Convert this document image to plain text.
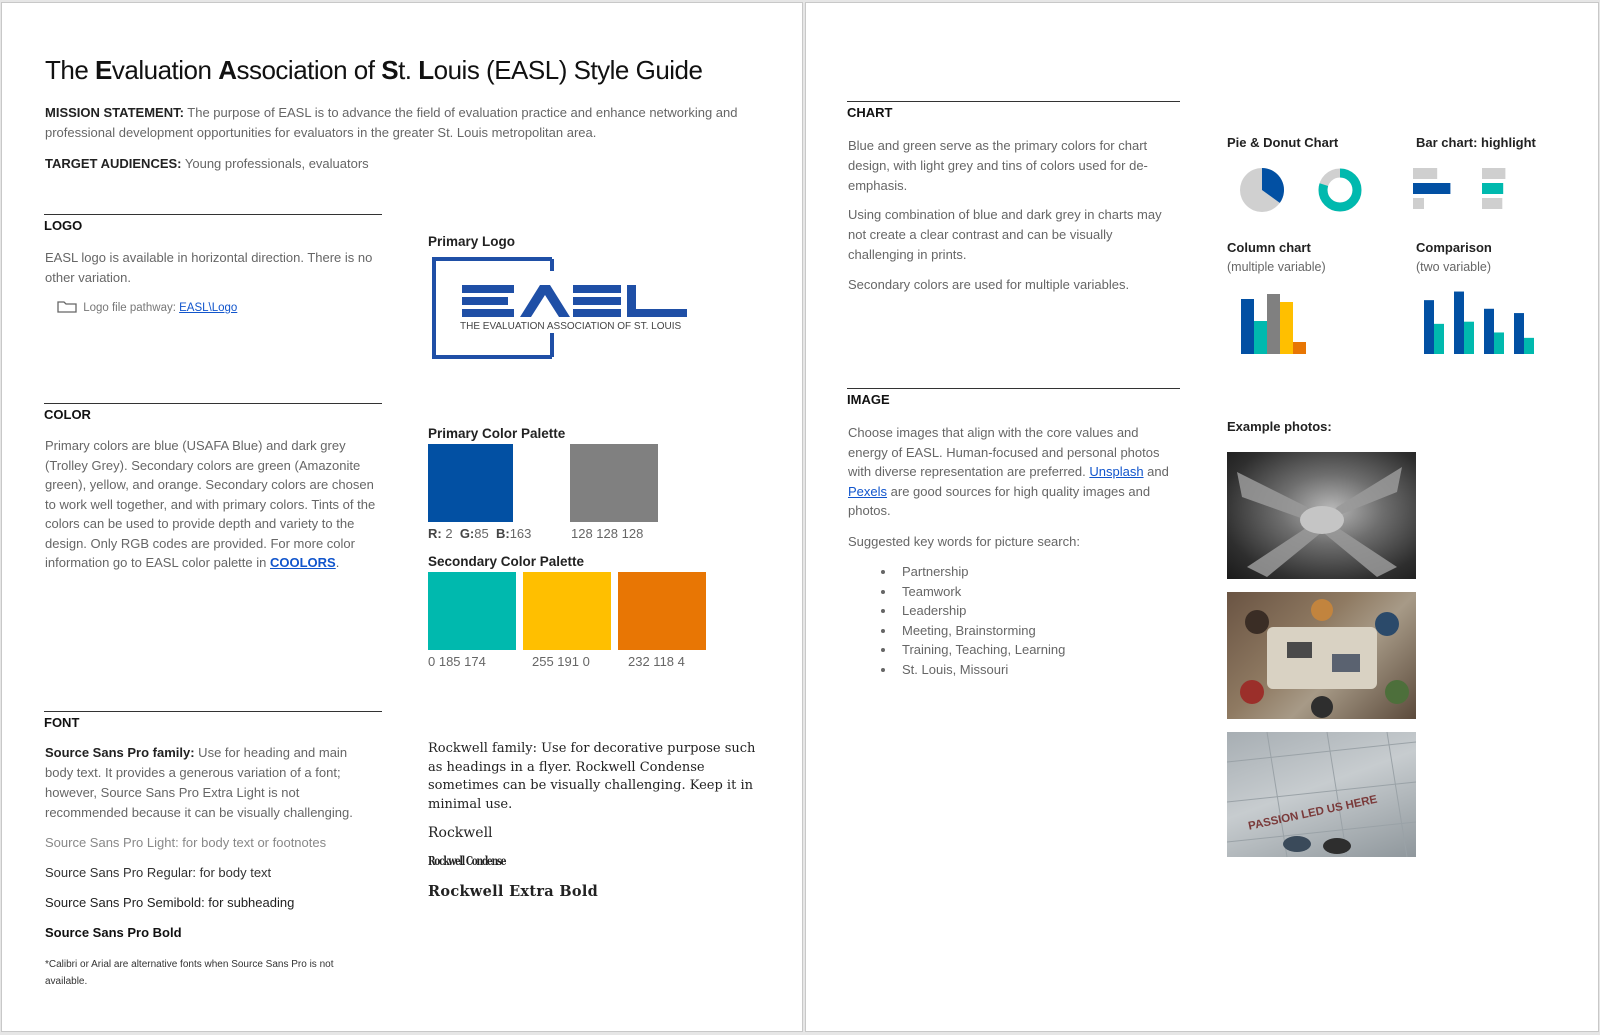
The Evaluation Association of St. Louis (EASL) Style Guide
MISSION STATEMENT: The purpose of EASL is to advance the field of evaluation practice and enhance networking and professional development opportunities for evaluators in the greater St. Louis metropolitan area.
TARGET AUDIENCES: Young professionals, evaluators
LOGO
EASL logo is available in horizontal direction. There is no other variation.
Logo file pathway: EASL\Logo
Primary Logo
THE EVALUATION ASSOCIATION OF ST. LOUIS
COLOR
Primary colors are blue (USAFA Blue) and dark grey (Trolley Grey). Secondary colors are green (Amazonite green), yellow, and orange. Secondary colors are chosen to work well together, and with primary colors. Tints of the colors can be used to provide depth and variety to the design. Only RGB codes are provided. For more color information go to EASL color palette in COOLORS.
Primary Color Palette
R: 2 G:85 B:163	128 128 128
Secondary Color Palette
0 185 174	255 191 0	232 118 4
FONT
Source Sans Pro family: Use for heading and main body text. It provides a generous variation of a font; however, Source Sans Pro Extra Light is not recommended because it can be visually challenging.
Source Sans Pro Light: for body text or footnotes
Source Sans Pro Regular: for body text
Source Sans Pro Semibold: for subheading
Source Sans Pro Bold
*Calibri or Arial are alternative fonts when Source Sans Pro is not available.
Rockwell family: Use for decorative purpose such as headings in a flyer. Rockwell Condense sometimes can be visually challenging. Keep it in minimal use.
Rockwell
Rockwell Condense
Rockwell Extra Bold
CHART
Blue and green serve as the primary colors for chart design, with light grey and tins of colors used for de-emphasis.
Using combination of blue and dark grey in charts may not create a clear contrast and can be visually challenging in prints.
Secondary colors are used for multiple variables.
Pie & Donut Chart	Bar chart: highlight
Column chart
(multiple variable)
Comparison
(two variable)
IMAGE
Choose images that align with the core values and energy of EASL. Human-focused and personal photos with diverse representation are preferred. Unsplash and Pexels are good sources for high quality images and photos.
Suggested key words for picture search:
• Partnership
• Teamwork
• Leadership
• Meeting, Brainstorming
• Training, Teaching, Learning
• St. Louis, Missouri
Example photos:
PASSION LED US HERE
